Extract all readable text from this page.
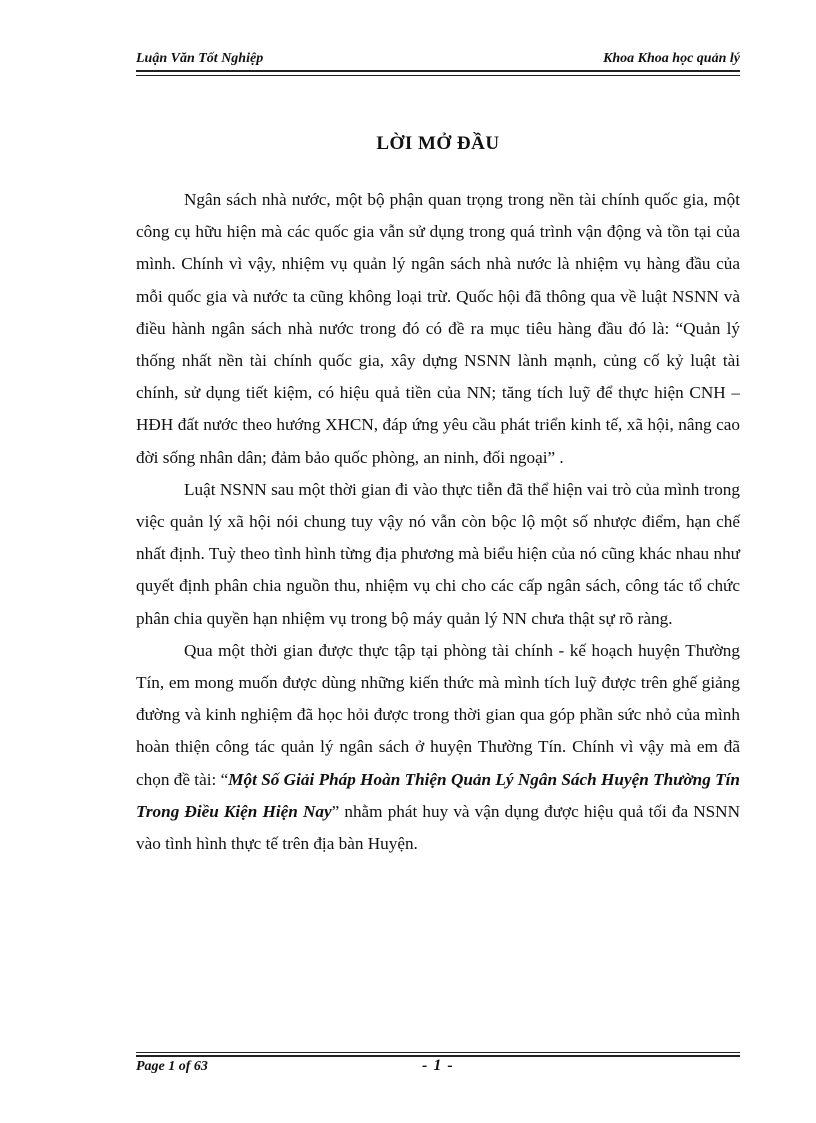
Luận Văn Tốt Nghiệp	Khoa Khoa học quản lý
LỜI MỞ ĐẦU

Ngân sách nhà nước, một bộ phận quan trọng trong nền tài chính quốc gia, một công cụ hữu hiện mà các quốc gia vẫn sử dụng trong quá trình vận động và tồn tại của mình. Chính vì vậy, nhiệm vụ quản lý ngân sách nhà nước là nhiệm vụ hàng đầu của mỗi quốc gia và nước ta cũng không loại trừ. Quốc hội đã thông qua về luật NSNN và điều hành ngân sách nhà nước trong đó có đề ra mục tiêu hàng đầu đó là: “Quản lý thống nhất nền tài chính quốc gia, xây dựng NSNN lành mạnh, củng cố kỷ luật tài chính, sử dụng tiết kiệm, có hiệu quả tiền của NN; tăng tích luỹ để thực hiện CNH – HĐH đất nước theo hướng XHCN, đáp ứng yêu cầu phát triển kinh tế, xã hội, nâng cao đời sống nhân dân; đảm bảo quốc phòng, an ninh, đối ngoại” .

Luật NSNN sau một thời gian đi vào thực tiễn đã thể hiện vai trò của mình trong việc quản lý xã hội nói chung tuy vậy nó vẫn còn bộc lộ một số nhược điểm, hạn chế nhất định. Tuỳ theo tình hình từng địa phương mà biểu hiện của nó cũng khác nhau như quyết định phân chia nguồn thu, nhiệm vụ chi cho các cấp ngân sách, công tác tổ chức phân chia quyền hạn nhiệm vụ trong bộ máy quản lý NN chưa thật sự rõ ràng.

Qua một thời gian được thực tập tại phòng tài chính - kế hoạch huyện Thường Tín, em mong muốn được dùng những kiến thức mà mình tích luỹ được trên ghế giảng đường và kinh nghiệm đã học hỏi được trong thời gian qua góp phần sức nhỏ của mình hoàn thiện công tác quản lý ngân sách ở huyện Thường Tín. Chính vì vậy mà em đã chọn đề tài: “Một Số Giải Pháp Hoàn Thiện Quản Lý Ngân Sách Huyện Thường Tín Trong Điều Kiện Hiện Nay” nhằm phát huy và vận dụng được hiệu quả tối đa NSNN vào tình hình thực tế trên địa bàn Huyện.

Page 1 of 63	- 1 -
